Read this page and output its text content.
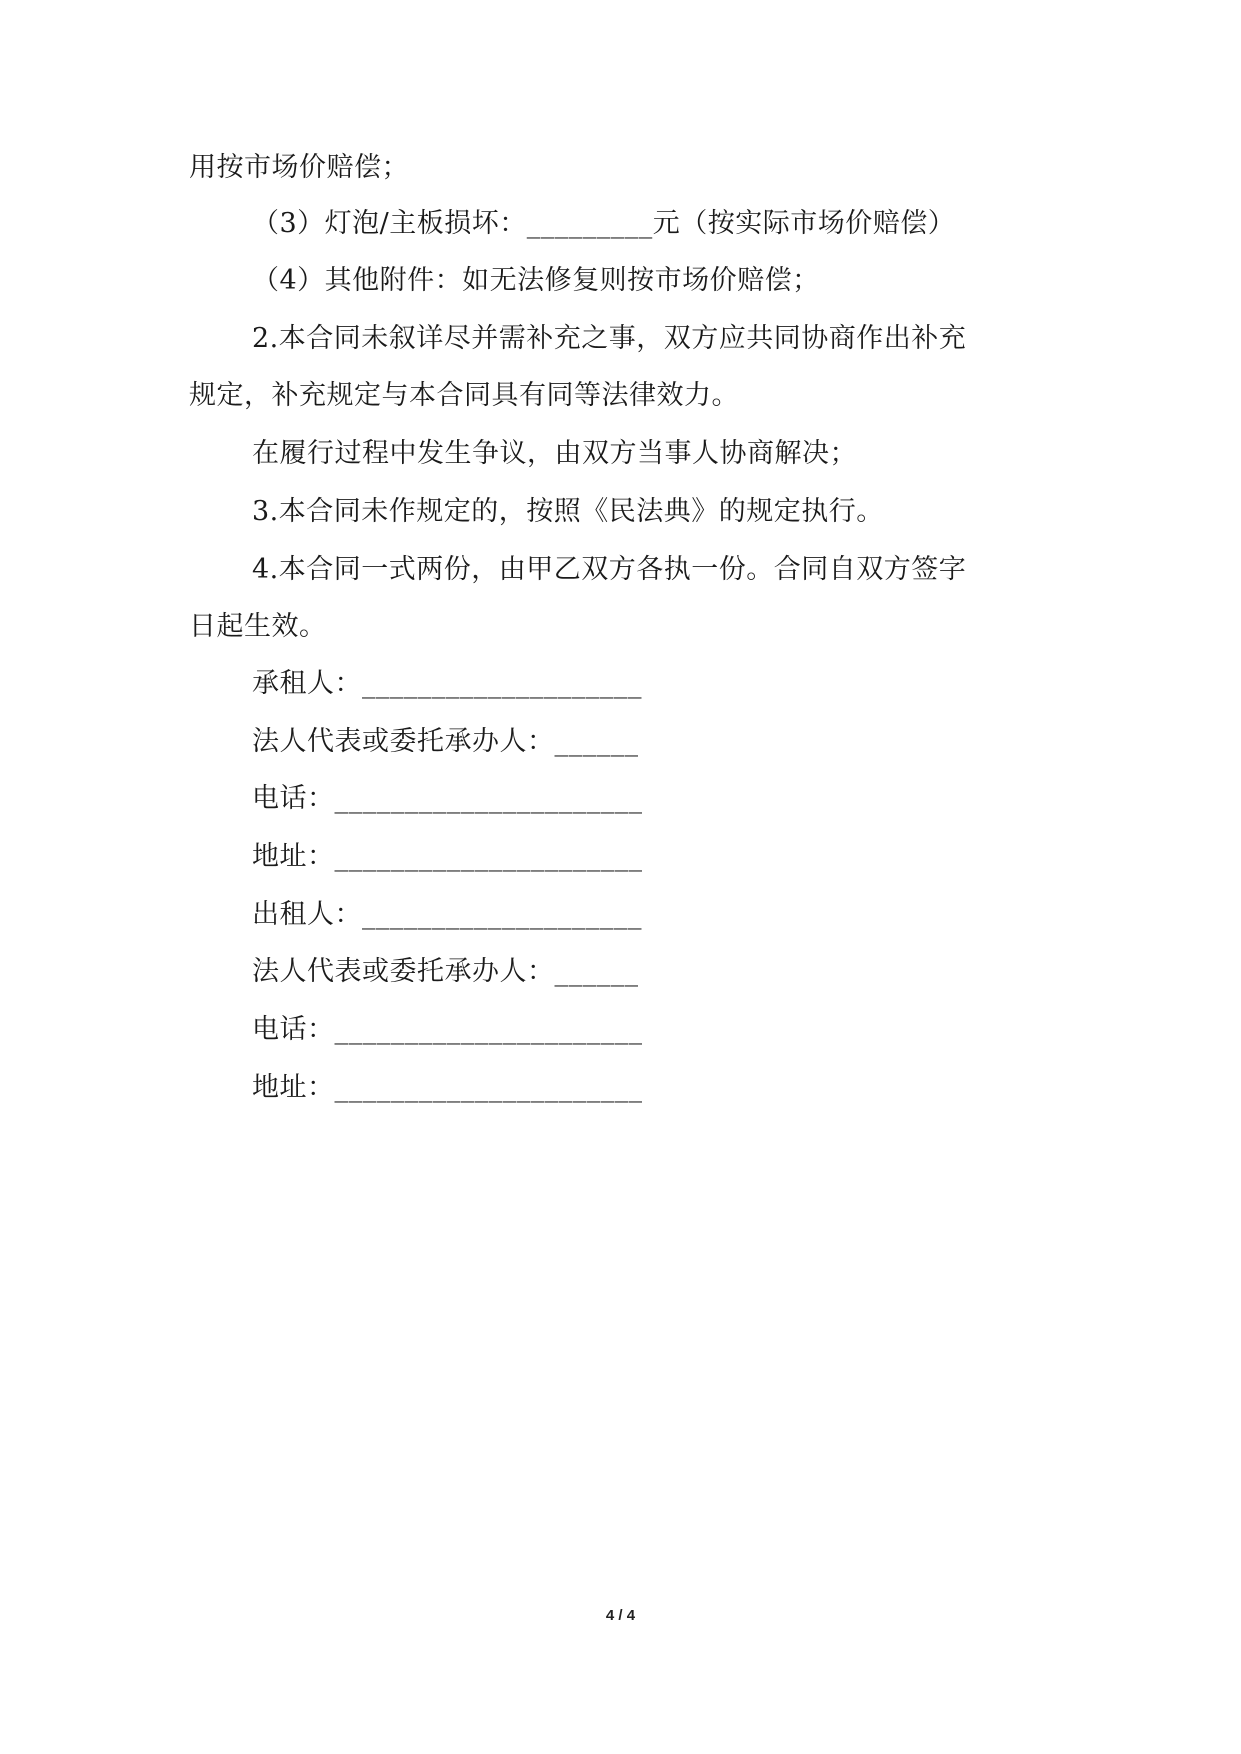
用按市场价赔偿；
（3）灯泡/主板损坏：_________元（按实际市场价赔偿）
（4）其他附件：如无法修复则按市场价赔偿；
2.本合同未叙详尽并需补充之事，双方应共同协商作出补充
规定，补充规定与本合同具有同等法律效力。
在履行过程中发生争议，由双方当事人协商解决；
3.本合同未作规定的，按照《民法典》的规定执行。
4.本合同一式两份，由甲乙双方各执一份。合同自双方签字
日起生效。
承租人：____________________
法人代表或委托承办人：______
电话：______________________
地址：______________________
出租人：____________________
法人代表或委托承办人：______
电话：______________________
地址：______________________
4 / 4
